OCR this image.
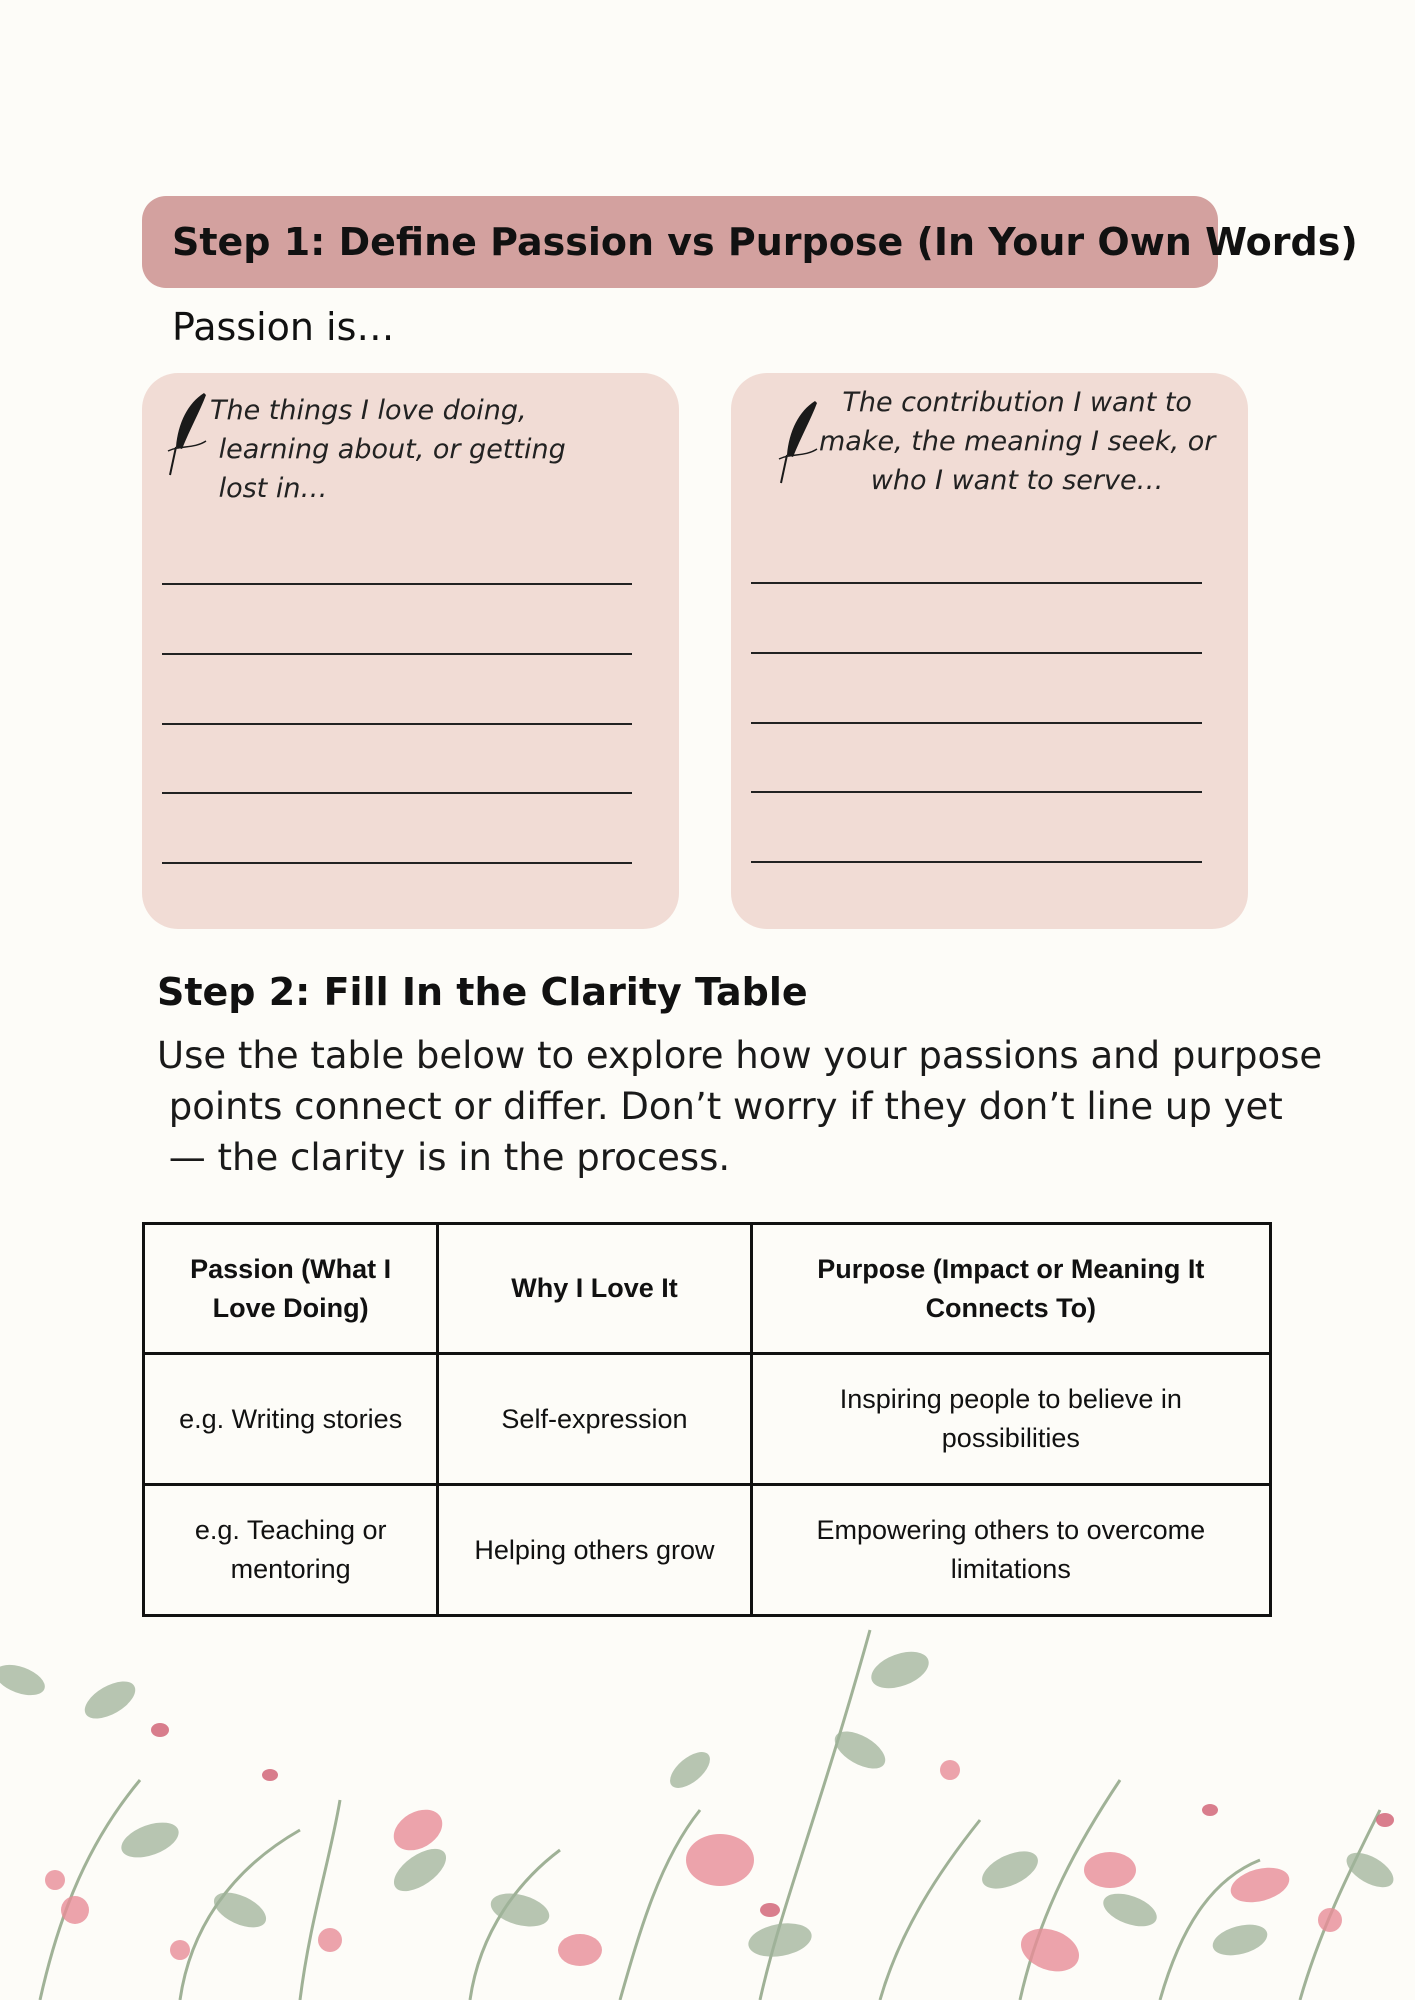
Step 1: Define Passion vs Purpose (In Your Own Words)
Passion is…
The things I love doing,
learning about, or getting
lost in…
The contribution I want to
make, the meaning I seek, or
who I want to serve…
Step 2: Fill In the Clarity Table
Use the table below to explore how your passions and purpose
points connect or differ. Don’t worry if they don’t line up yet
— the clarity is in the process.
Passion (What I Love Doing)	Why I Love It	Purpose (Impact or Meaning It Connects To)
e.g. Writing stories	Self-expression	Inspiring people to believe in possibilities
e.g. Teaching or mentoring	Helping others grow	Empowering others to overcome limitations
